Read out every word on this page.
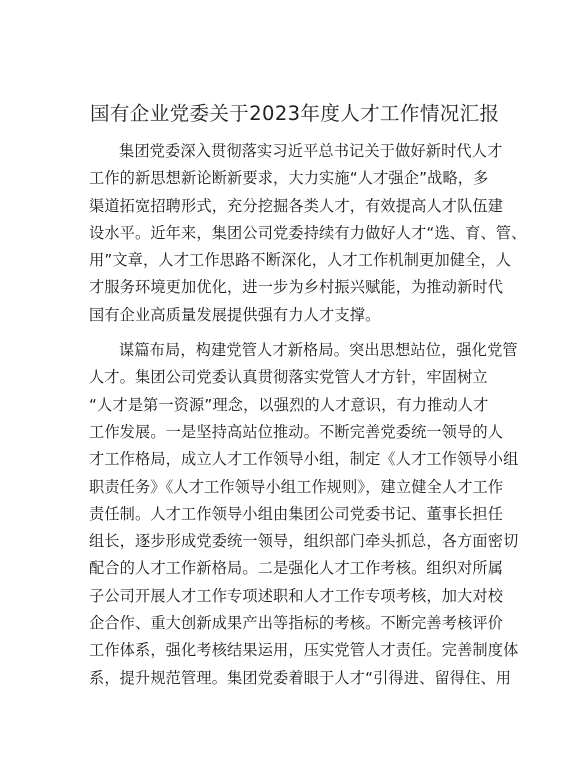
国有企业党委关于2023年度人才工作情况汇报

集团党委深入贯彻落实习近平总书记关于做好新时代人才
工作的新思想新论断新要求，大力实施“人才强企”战略，多
渠道拓宽招聘形式，充分挖掘各类人才，有效提高人才队伍建
设水平。近年来，集团公司党委持续有力做好人才“选、育、管、
用”文章，人才工作思路不断深化，人才工作机制更加健全，人
才服务环境更加优化，进一步为乡村振兴赋能，为推动新时代
国有企业高质量发展提供强有力人才支撑。

谋篇布局，构建党管人才新格局。突出思想站位，强化党管
人才。集团公司党委认真贯彻落实党管人才方针，牢固树立
“人才是第一资源”理念，以强烈的人才意识，有力推动人才
工作发展。一是坚持高站位推动。不断完善党委统一领导的人
才工作格局，成立人才工作领导小组，制定《人才工作领导小组
职责任务》《人才工作领导小组工作规则》，建立健全人才工作
责任制。人才工作领导小组由集团公司党委书记、董事长担任
组长，逐步形成党委统一领导，组织部门牵头抓总，各方面密切
配合的人才工作新格局。二是强化人才工作考核。组织对所属
子公司开展人才工作专项述职和人才工作专项考核，加大对校
企合作、重大创新成果产出等指标的考核。不断完善考核评价
工作体系，强化考核结果运用，压实党管人才责任。完善制度体
系，提升规范管理。集团党委着眼于人才“引得进、留得住、用
